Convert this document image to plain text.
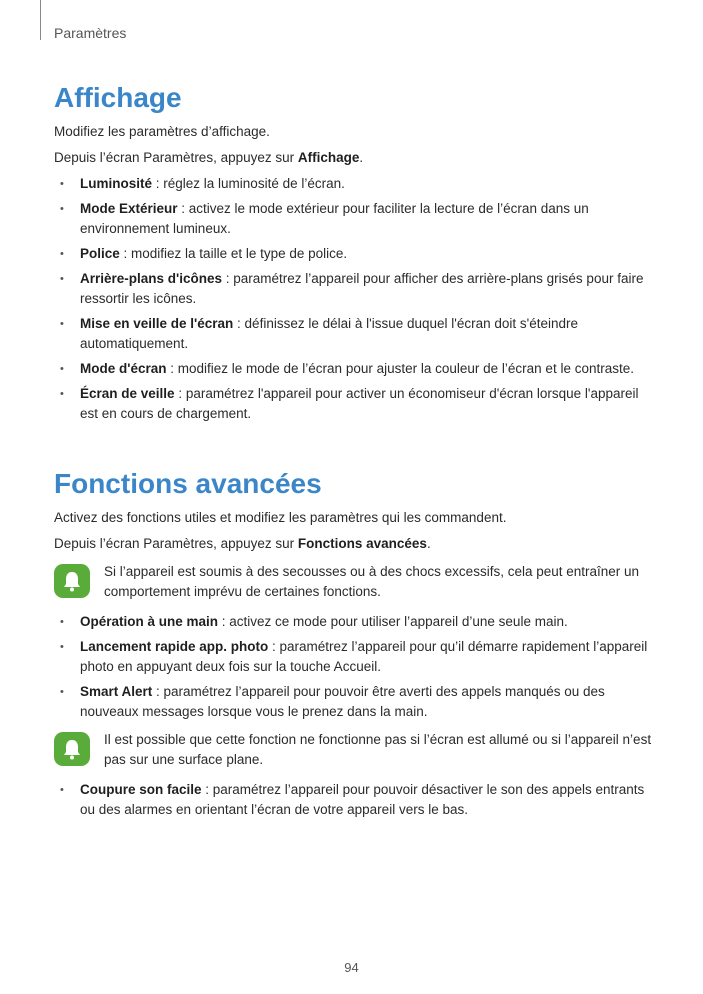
Paramètres
Affichage

Modifiez les paramètres d’affichage.

Depuis l’écran Paramètres, appuyez sur Affichage.

• Luminosité : réglez la luminosité de l’écran.
• Mode Extérieur : activez le mode extérieur pour faciliter la lecture de l’écran dans un environnement lumineux.
• Police : modifiez la taille et le type de police.
• Arrière-plans d'icônes : paramétrez l’appareil pour afficher des arrière-plans grisés pour faire ressortir les icônes.
• Mise en veille de l'écran : définissez le délai à l'issue duquel l'écran doit s'éteindre automatiquement.
• Mode d'écran : modifiez le mode de l’écran pour ajuster la couleur de l’écran et le contraste.
• Écran de veille : paramétrez l'appareil pour activer un économiseur d'écran lorsque l'appareil est en cours de chargement.
Fonctions avancées

Activez des fonctions utiles et modifiez les paramètres qui les commandent.

Depuis l’écran Paramètres, appuyez sur Fonctions avancées.

Si l’appareil est soumis à des secousses ou à des chocs excessifs, cela peut entraîner un comportement imprévu de certaines fonctions.

• Opération à une main : activez ce mode pour utiliser l’appareil d’une seule main.
• Lancement rapide app. photo : paramétrez l’appareil pour qu’il démarre rapidement l’appareil photo en appuyant deux fois sur la touche Accueil.
• Smart Alert : paramétrez l’appareil pour pouvoir être averti des appels manqués ou des nouveaux messages lorsque vous le prenez dans la main.

Il est possible que cette fonction ne fonctionne pas si l’écran est allumé ou si l’appareil n’est pas sur une surface plane.

• Coupure son facile : paramétrez l’appareil pour pouvoir désactiver le son des appels entrants ou des alarmes en orientant l’écran de votre appareil vers le bas.
94
